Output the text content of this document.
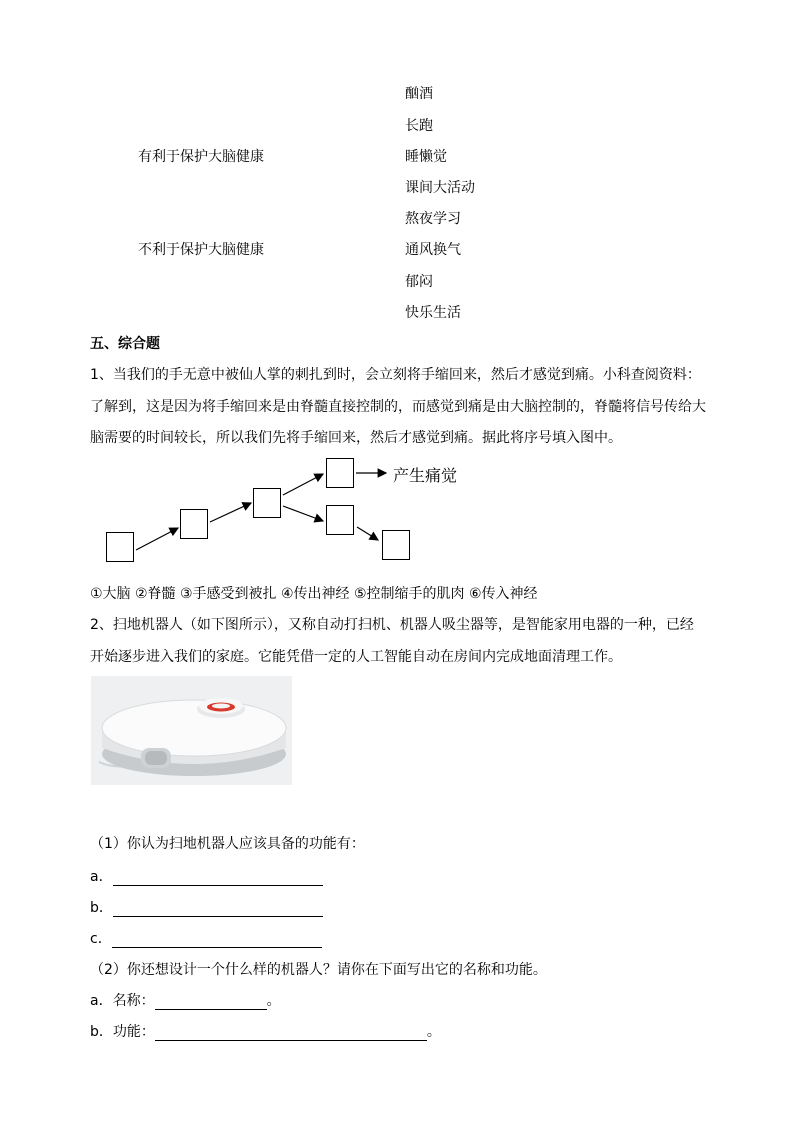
有利于保护大脑健康
不利于保护大脑健康
酗酒
长跑
睡懒觉
课间大活动
熬夜学习
通风换气
郁闷
快乐生活
五、综合题
1、当我们的手无意中被仙人掌的刺扎到时，会立刻将手缩回来，然后才感觉到痛。小科查阅资料：
了解到，这是因为将手缩回来是由脊髓直接控制的，而感觉到痛是由大脑控制的，脊髓将信号传给大
脑需要的时间较长，所以我们先将手缩回来，然后才感觉到痛。据此将序号填入图中。
产生痛觉
①大脑 ②脊髓 ③手感受到被扎 ④传出神经 ⑤控制缩手的肌肉 ⑥传入神经
2、扫地机器人（如下图所示），又称自动打扫机、机器人吸尘器等，是智能家用电器的一种，已经
开始逐步进入我们的家庭。它能凭借一定的人工智能自动在房间内完成地面清理工作。
（1）你认为扫地机器人应该具备的功能有：
a．
b．
c．
（2）你还想设计一个什么样的机器人？请你在下面写出它的名称和功能。
a．名称：	。
b．功能：	。
